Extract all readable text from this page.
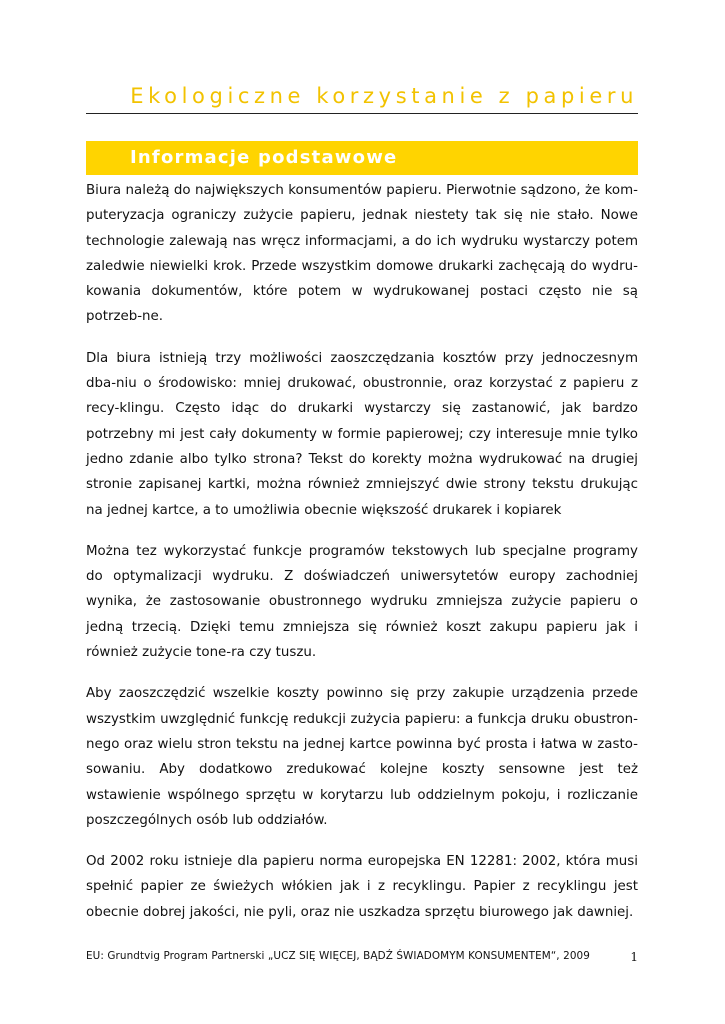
Ekologiczne korzystanie z papieru
Informacje podstawowe

Biura należą do największych konsumentów papieru. Pierwotnie sądzono, że kom-puteryzacja ograniczy zużycie papieru, jednak niestety tak się nie stało. Nowe technologie zalewają nas wręcz informacjami, a do ich wydruku wystarczy potem zaledwie niewielki krok. Przede wszystkim domowe drukarki zachęcają do wydru-kowania dokumentów, które potem w wydrukowanej postaci często nie są potrzeb-ne.

Dla biura istnieją trzy możliwości zaoszczędzania kosztów przy jednoczesnym dba-niu o środowisko: mniej drukować, obustronnie, oraz korzystać z papieru z recy-klingu. Często idąc do drukarki wystarczy się zastanowić, jak bardzo potrzebny mi jest cały dokumenty w formie papierowej; czy interesuje mnie tylko jedno zdanie albo tylko strona? Tekst do korekty można wydrukować na drugiej stronie zapisanej kartki, można również zmniejszyć dwie strony tekstu drukując na jednej kartce, a to umożliwia obecnie większość drukarek i kopiarek

Można tez wykorzystać funkcje programów tekstowych lub specjalne programy do optymalizacji wydruku. Z doświadczeń uniwersytetów europy zachodniej wynika, że zastosowanie obustronnego wydruku zmniejsza zużycie papieru o jedną trzecią. Dzięki temu zmniejsza się również koszt zakupu papieru jak i również zużycie tone-ra czy tuszu.

Aby zaoszczędzić wszelkie koszty powinno się przy zakupie urządzenia przede wszystkim uwzględnić funkcję redukcji zużycia papieru: a funkcja druku obustron-nego oraz wielu stron tekstu na jednej kartce powinna być prosta i łatwa w zasto-sowaniu. Aby dodatkowo zredukować kolejne koszty sensowne jest też wstawienie wspólnego sprzętu w korytarzu lub oddzielnym pokoju, i rozliczanie poszczególnych osób lub oddziałów.

Od 2002 roku istnieje dla papieru norma europejska EN 12281: 2002, która musi spełnić papier ze świeżych włókien jak i z recyklingu. Papier z recyklingu jest obecnie dobrej jakości, nie pyli, oraz nie uszkadza sprzętu biurowego jak dawniej.

EU: Grundtvig Program Partnerski „UCZ SIĘ WIĘCEJ, BĄDŹ ŚWIADOMYM KONSUMENTEM“, 2009	1
